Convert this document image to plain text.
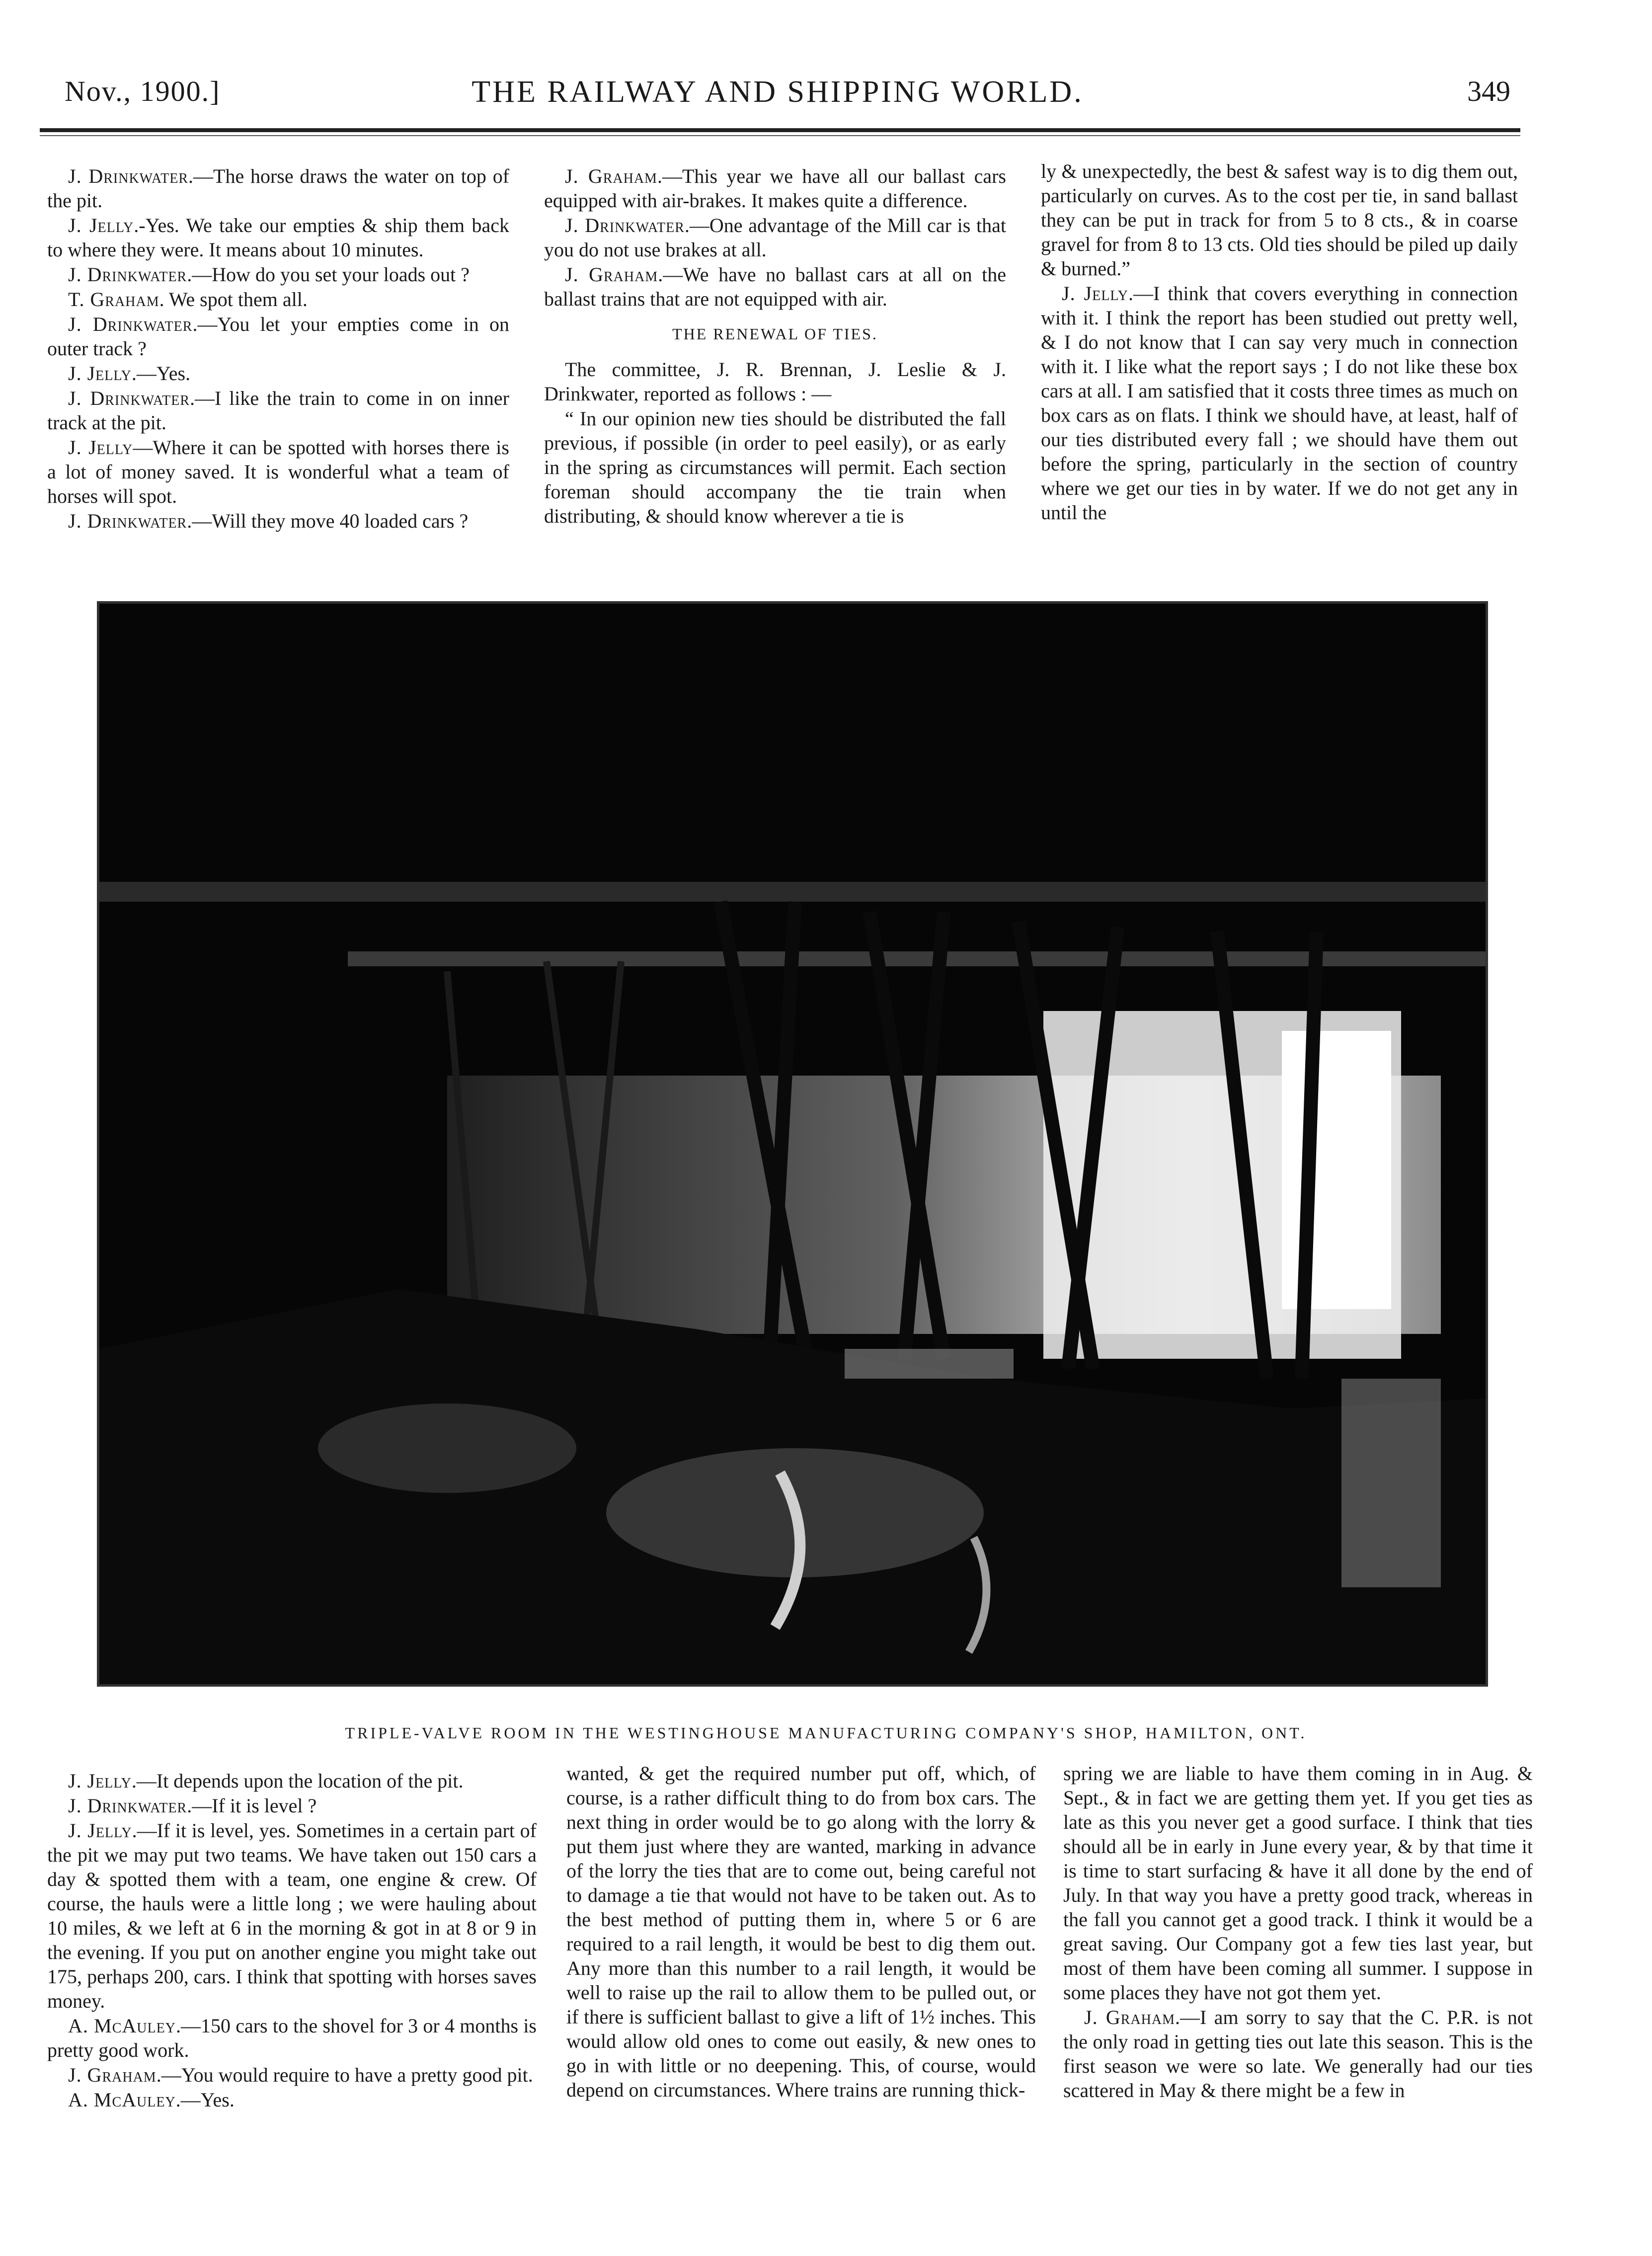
Nov., 1900.]	THE RAILWAY AND SHIPPING WORLD.	349

J. Drinkwater.—The horse draws the water on top of the pit.

J. Jelly.-Yes. We take our empties & ship them back to where they were. It means about 10 minutes.

J. Drinkwater.—How do you set your loads out ?

T. Graham. We spot them all.

J. Drinkwater.—You let your empties come in on outer track ?

J. Jelly.—Yes.

J. Drinkwater.—I like the train to come in on inner track at the pit.

J. Jelly—Where it can be spotted with horses there is a lot of money saved. It is wonderful what a team of horses will spot.

J. Drinkwater.—Will they move 40 loaded cars ?

J. Graham.—This year we have all our ballast cars equipped with air-brakes. It makes quite a difference.

J. Drinkwater.—One advantage of the Mill car is that you do not use brakes at all.

J. Graham.—We have no ballast cars at all on the ballast trains that are not equipped with air.

THE RENEWAL OF TIES.

The committee, J. R. Brennan, J. Leslie & J. Drinkwater, reported as follows : —

“ In our opinion new ties should be distributed the fall previous, if possible (in order to peel easily), or as early in the spring as circumstances will permit. Each section foreman should accompany the tie train when distributing, & should know wherever a tie is

ly & unexpectedly, the best & safest way is to dig them out, particularly on curves. As to the cost per tie, in sand ballast they can be put in track for from 5 to 8 cts., & in coarse gravel for from 8 to 13 cts. Old ties should be piled up daily & burned.”

J. Jelly.—I think that covers everything in connection with it. I think the report has been studied out pretty well, & I do not know that I can say very much in connection with it. I like what the report says ; I do not like these box cars at all. I am satisfied that it costs three times as much on box cars as on flats. I think we should have, at least, half of our ties distributed every fall ; we should have them out before the spring, particularly in the section of country where we get our ties in by water. If we do not get any in until the

TRIPLE-VALVE ROOM IN THE WESTINGHOUSE MANUFACTURING COMPANY'S SHOP, HAMILTON, ONT.

J. Jelly.—It depends upon the location of the pit.

J. Drinkwater.—If it is level ?

J. Jelly.—If it is level, yes. Sometimes in a certain part of the pit we may put two teams. We have taken out 150 cars a day & spotted them with a team, one engine & crew. Of course, the hauls were a little long ; we were hauling about 10 miles, & we left at 6 in the morning & got in at 8 or 9 in the evening. If you put on another engine you might take out 175, perhaps 200, cars. I think that spotting with horses saves money.

A. McAuley.—150 cars to the shovel for 3 or 4 months is pretty good work.

J. Graham.—You would require to have a pretty good pit.

A. McAuley.—Yes.

wanted, & get the required number put off, which, of course, is a rather difficult thing to do from box cars. The next thing in order would be to go along with the lorry & put them just where they are wanted, marking in advance of the lorry the ties that are to come out, being careful not to damage a tie that would not have to be taken out. As to the best method of putting them in, where 5 or 6 are required to a rail length, it would be best to dig them out. Any more than this number to a rail length, it would be well to raise up the rail to allow them to be pulled out, or if there is sufficient ballast to give a lift of 1½ inches. This would allow old ones to come out easily, & new ones to go in with little or no deepening. This, of course, would depend on circumstances. Where trains are running thick-

spring we are liable to have them coming in in Aug. & Sept., & in fact we are getting them yet. If you get ties as late as this you never get a good surface. I think that ties should all be in early in June every year, & by that time it is time to start surfacing & have it all done by the end of July. In that way you have a pretty good track, whereas in the fall you cannot get a good track. I think it would be a great saving. Our Company got a few ties last year, but most of them have been coming all summer. I suppose in some places they have not got them yet.

J. Graham.—I am sorry to say that the C. P.R. is not the only road in getting ties out late this season. This is the first season we were so late. We generally had our ties scattered in May & there might be a few in
